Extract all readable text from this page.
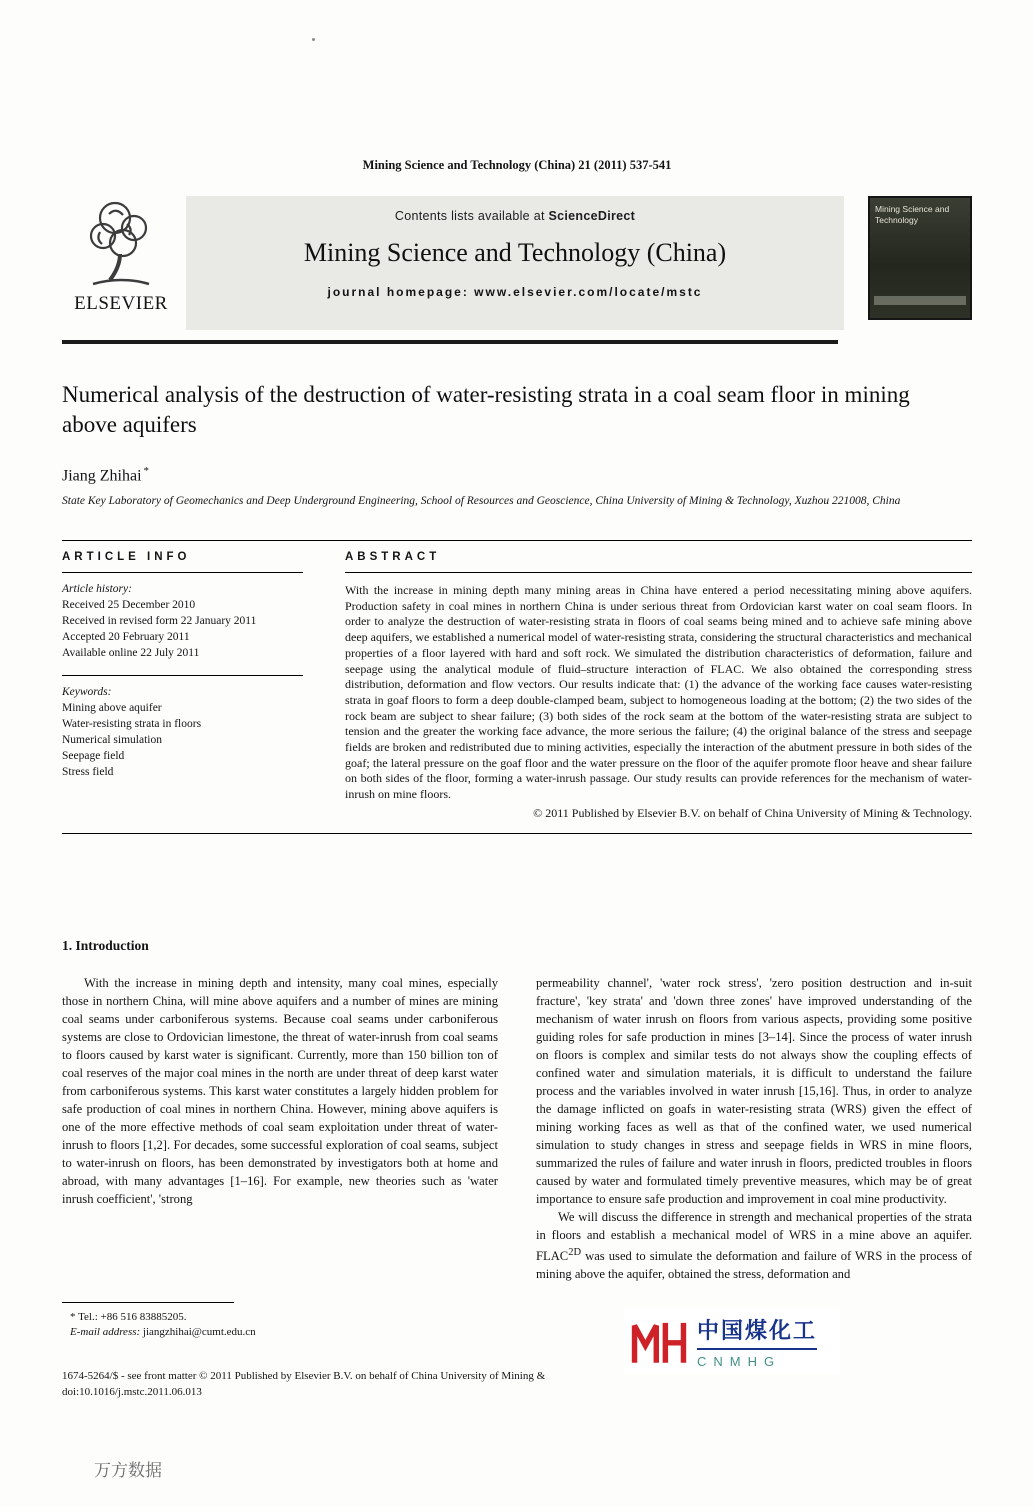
Mining Science and Technology (China) 21 (2011) 537-541
ELSEVIER
Contents lists available at ScienceDirect
Mining Science and Technology (China)
journal homepage: www.elsevier.com/locate/mstc
Mining Science and Technology
Numerical analysis of the destruction of water-resisting strata in a coal seam floor in mining above aquifers
Jiang Zhihai *
State Key Laboratory of Geomechanics and Deep Underground Engineering, School of Resources and Geoscience, China University of Mining & Technology, Xuzhou 221008, China
ARTICLE INFO
Article history:
Received 25 December 2010
Received in revised form 22 January 2011
Accepted 20 February 2011
Available online 22 July 2011
Keywords:
Mining above aquifer
Water-resisting strata in floors
Numerical simulation
Seepage field
Stress field
ABSTRACT

With the increase in mining depth many mining areas in China have entered a period necessitating mining above aquifers. Production safety in coal mines in northern China is under serious threat from Ordovician karst water on coal seam floors. In order to analyze the destruction of water-resisting strata in floors of coal seams being mined and to achieve safe mining above deep aquifers, we established a numerical model of water-resisting strata, considering the structural characteristics and mechanical properties of a floor layered with hard and soft rock. We simulated the distribution characteristics of deformation, failure and seepage using the analytical module of fluid–structure interaction of FLAC. We also obtained the corresponding stress distribution, deformation and flow vectors. Our results indicate that: (1) the advance of the working face causes water-resisting strata in goaf floors to form a deep double-clamped beam, subject to homogeneous loading at the bottom; (2) the two sides of the rock beam are subject to shear failure; (3) both sides of the rock seam at the bottom of the water-resisting strata are subject to tension and the greater the working face advance, the more serious the failure; (4) the original balance of the stress and seepage fields are broken and redistributed due to mining activities, especially the interaction of the abutment pressure in both sides of the goaf; the lateral pressure on the goaf floor and the water pressure on the floor of the aquifer promote floor heave and shear failure on both sides of the floor, forming a water-inrush passage. Our study results can provide references for the mechanism of water-inrush on mine floors.

© 2011 Published by Elsevier B.V. on behalf of China University of Mining & Technology.
1. Introduction

With the increase in mining depth and intensity, many coal mines, especially those in northern China, will mine above aquifers and a number of mines are mining coal seams under carboniferous systems. Because coal seams under carboniferous systems are close to Ordovician limestone, the threat of water-inrush from coal seams to floors caused by karst water is significant. Currently, more than 150 billion ton of coal reserves of the major coal mines in the north are under threat of deep karst water from carboniferous systems. This karst water constitutes a largely hidden problem for safe production of coal mines in northern China. However, mining above aquifers is one of the more effective methods of coal seam exploitation under threat of water-inrush to floors [1,2]. For decades, some successful exploration of coal seams, subject to water-inrush on floors, has been demonstrated by investigators both at home and abroad, with many advantages [1–16]. For example, new theories such as 'water inrush coefficient', 'strong

permeability channel', 'water rock stress', 'zero position destruction and in-suit fracture', 'key strata' and 'down three zones' have improved understanding of the mechanism of water inrush on floors from various aspects, providing some positive guiding roles for safe production in mines [3–14]. Since the process of water inrush on floors is complex and similar tests do not always show the coupling effects of confined water and simulation materials, it is difficult to understand the failure process and the variables involved in water inrush [15,16]. Thus, in order to analyze the damage inflicted on goafs in water-resisting strata (WRS) given the effect of mining working faces as well as that of the confined water, we used numerical simulation to study changes in stress and seepage fields in WRS in mine floors, summarized the rules of failure and water inrush in floors, predicted troubles in floors caused by water and formulated timely preventive measures, which may be of great importance to ensure safe production and improvement in coal mine productivity.

We will discuss the difference in strength and mechanical properties of the strata in floors and establish a mechanical model of WRS in a mine above an aquifer. $FLAC^{2D}$ was used to simulate the deformation and failure of WRS in the process of mining above the aquifer, obtained the stress, deformation and

* Tel.: +86 516 83885205.
E-mail address: jiangzhihai@cumt.edu.cn
1674-5264/$ - see front matter © 2011 Published by Elsevier B.V. on behalf of China University of Mining &
doi:10.1016/j.mstc.2011.06.013
中国煤化工
CNMHG
万方数据
